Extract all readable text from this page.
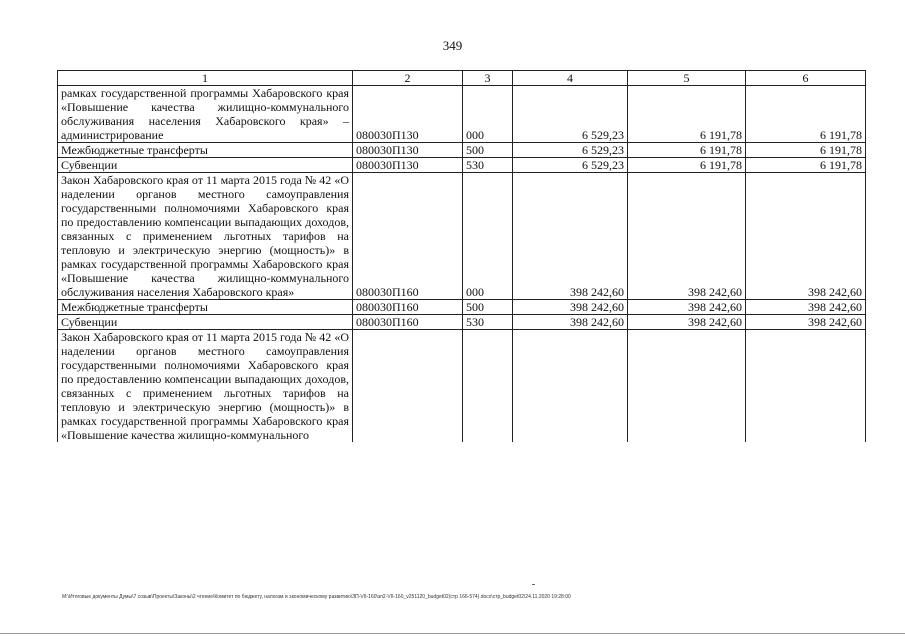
349
1	2	3	4	5	6
рамках государственной программы Хабаровского края «Повышение качества жилищно-коммунального обслуживания населения Хабаровского края» – администрирование	080030П130	000	6 529,23	6 191,78	6 191,78
Межбюджетные трансферты	080030П130	500	6 529,23	6 191,78	6 191,78
Субвенции	080030П130	530	6 529,23	6 191,78	6 191,78
Закон Хабаровского края от 11 марта 2015 года № 42 «О наделении органов местного самоуправления государственными полномочиями Хабаровского края по предоставлению компенсации выпадающих доходов, связанных с применением льготных тарифов на тепловую и электрическую энергию (мощность)» в рамках государственной программы Хабаровского края «Повышение качества жилищно-коммунального обслуживания населения Хабаровского края»	080030П160	000	398 242,60	398 242,60	398 242,60
Межбюджетные трансферты	080030П160	500	398 242,60	398 242,60	398 242,60
Субвенции	080030П160	530	398 242,60	398 242,60	398 242,60
Закон Хабаровского края от 11 марта 2015 года № 42 «О наделении органов местного самоуправления государственными полномочиями Хабаровского края по предоставлению компенсации выпадающих доходов, связанных с применением льготных тарифов на тепловую и электрическую энергию (мощность)» в рамках государственной программы Хабаровского края «Повышение качества жилищно-коммунального					
M:\Итоговые документы Думы\7 созыв\Проекты\Законы\2 чтение\Комитет по бюджету, налогам и экономическому развитию\ЗП-VII-160\зп2-VII-160_v251120_budget02(стр 166-574).docx\стр_budget02\24.11.2020 19:28:00
